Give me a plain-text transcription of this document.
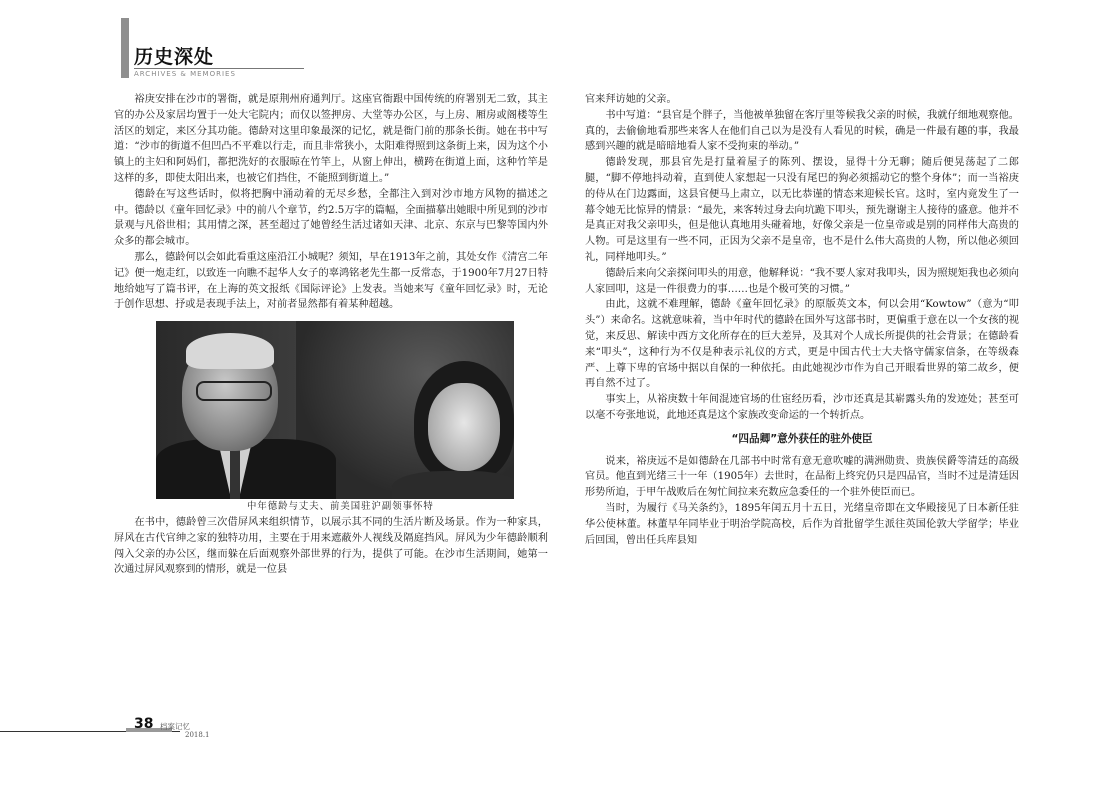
历史深处
ARCHIVES & MEMORIES

裕庚安排在沙市的署衙，就是原荆州府通判厅。这座官衙跟中国传统的府署别无二致，其主官的办公及家居均置于一处大宅院内；而仅以签押房、大堂等办公区，与上房、厢房或阁楼等生活区的划定，来区分其功能。德龄对这里印象最深的记忆，就是衙门前的那条长街。她在书中写道：“沙市的街道不但凹凸不平难以行走，而且非常狭小，太阳难得照到这条街上来，因为这个小镇上的主妇和阿妈们，都把洗好的衣服晾在竹竿上，从窗上伸出，横跨在街道上面，这种竹竿是这样的多，即使太阳出来，也被它们挡住，不能照到街道上。”

德龄在写这些话时，似将把胸中涌动着的无尽乡愁，全都注入到对沙市地方风物的描述之中。德龄以《童年回忆录》中的前八个章节，约2.5万字的篇幅，全面描摹出她眼中所见到的沙市景观与凡俗世相；其用情之深，甚至超过了她曾经生活过诸如天津、北京、东京与巴黎等国内外众多的都会城市。

那么，德龄何以会如此看重这座沿江小城呢？须知，早在1913年之前，其处女作《清宫二年记》便一炮走红，以致连一向瞧不起华人女子的辜鸿铭老先生都一反常态，于1900年7月27日特地给她写了篇书评，在上海的英文报纸《国际评论》上发表。当她来写《童年回忆录》时，无论于创作思想、抒或是表现手法上，对前者显然都有着某种超越。

中年德龄与丈夫、前美国驻沪副领事怀特

在书中，德龄曾三次借屏风来组织情节，以展示其不同的生活片断及场景。作为一种家具，屏风在古代官绅之家的独特功用，主要在于用来遮蔽外人视线及隔庭挡风。屏风为少年德龄顺利闯入父亲的办公区，继而躲在后面观察外部世界的行为，提供了可能。在沙市生活期间，她第一次通过屏风观察到的情形，就是一位县

官来拜访她的父亲。

书中写道：“县官是个胖子，当他被单独留在客厅里等候我父亲的时候，我就仔细地观察他。真的，去偷偷地看那些来客人在他们自己以为是没有人看见的时候，确是一件最有趣的事，我最感到兴趣的就是暗暗地看人家不受拘束的举动。”

德龄发现，那县官先是打量着屋子的陈列、摆设，显得十分无聊；随后便晃荡起了二郎腿，“脚不停地抖动着，直到使人家想起一只没有尾巴的狗必须摇动它的整个身体”；而一当裕庚的侍从在门边露面，这县官便马上肃立，以无比恭谨的情态来迎候长官。这时，室内竟发生了一幕令她无比惊异的情景：“最先，来客转过身去向坑跪下叩头，预先谢谢主人接待的盛意。他并不是真正对我父亲叩头，但是他认真地用头碰着地，好像父亲是一位皇帝或是别的同样伟大高贵的人物。可是这里有一些不同，正因为父亲不是皇帝，也不是什么伟大高贵的人物，所以他必须回礼，同样地叩头。”

德龄后来向父亲探问叩头的用意，他解释说：“我不要人家对我叩头，因为照规矩我也必须向人家回叩，这是一件很费力的事……也是个极可笑的习惯。”

由此，这就不难理解，德龄《童年回忆录》的原版英文本，何以会用“Kowtow”（意为“叩头”）来命名。这就意味着，当中年时代的德龄在国外写这部书时，更偏重于意在以一个女孩的视觉，来反思、解读中西方文化所存在的巨大差异，及其对个人成长所提供的社会背景；在德龄看来“叩头”，这种行为不仅是种表示礼仪的方式，更是中国古代士大夫恪守儒家信条，在等级森严、上尊下卑的官场中据以自保的一种依托。由此她视沙市作为自己开眼看世界的第二故乡，便再自然不过了。

事实上，从裕庚数十年间混迹官场的仕宦经历看，沙市还真是其崭露头角的发迹处；甚至可以毫不夸张地说，此地还真是这个家族改变命运的一个转折点。

“四品卿”意外获任的驻外使臣

说来，裕庚远不是如德龄在几部书中时常有意无意吹嘘的满洲勋贵、贵族侯爵等清廷的高级官员。他直到光绪三十一年（1905年）去世时，在品衔上终究仍只是四品官，当时不过是清廷因形势所迫，于甲午战败后在匆忙间拉来充数应急委任的一个驻外使臣而已。

当时，为履行《马关条约》，1895年闰五月十五日，光绪皇帝即在文华殿接见了日本新任驻华公使林董。林董早年同毕业于明治学院高校，后作为首批留学生派往英国伦敦大学留学；毕业后回国，曾出任兵库县知

38 档案记忆
2018.1
